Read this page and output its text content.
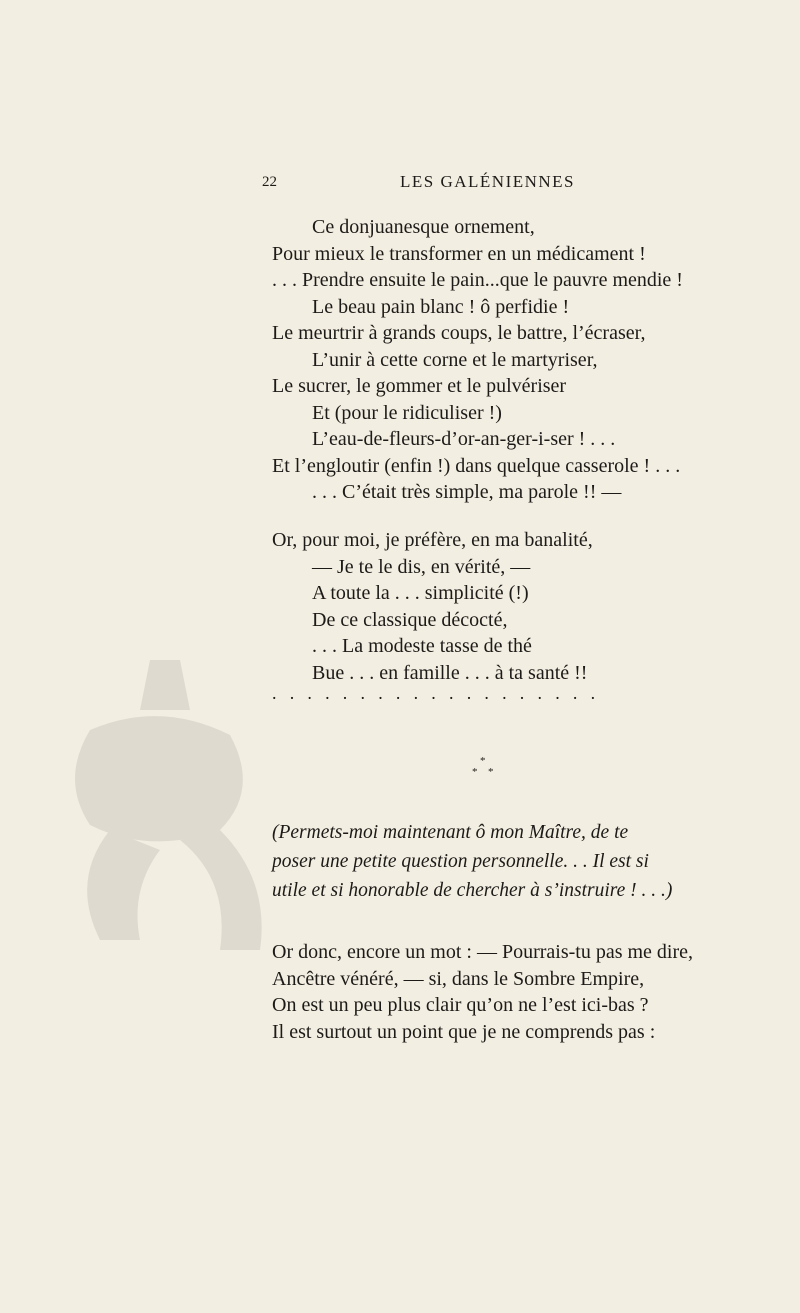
22	LES GALÉNIENNES
Ce donjuanesque ornement,
Pour mieux le transformer en un médicament !
. . . Prendre ensuite le pain...que le pauvre mendie !
Le beau pain blanc ! ô perfidie !
Le meurtrir à grands coups, le battre, l’écraser,
L’unir à cette corne et le martyriser,
Le sucrer, le gommer et le pulvériser
Et (pour le ridiculiser !)
L’eau-de-fleurs-d’or-an-ger-i-ser ! . . .
Et l’engloutir (enfin !) dans quelque casserole ! . . .
. . . C’était très simple, ma parole !! —
Or, pour moi, je préfère, en ma banalité,
— Je te le dis, en vérité, —
A toute la . . . simplicité (!)
De ce classique décocté,
. . . La modeste tasse de thé
Bue . . . en famille . . . à ta santé !!
...................
*
* *

(Permets-moi maintenant ô mon Maître, de te
poser une petite question personnelle. . . Il est si
utile et si honorable de chercher à s’instruire ! . . .)

Or donc, encore un mot : — Pourrais-tu pas me dire,
Ancêtre vénéré, — si, dans le Sombre Empire,
On est un peu plus clair qu’on ne l’est ici-bas ?
Il est surtout un point que je ne comprends pas :
